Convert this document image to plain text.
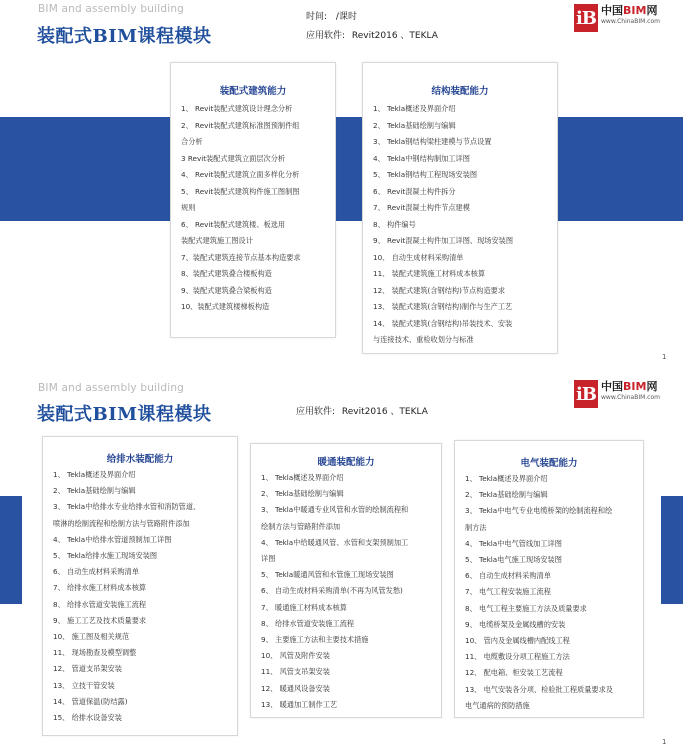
BIM and assembly building
装配式BIM课程模块
时间: /课时
应用软件: Revit2016 、TEKLA
iB 中国BIM网
www.ChinaBIM.com
装配式建筑能力
1、 Revit装配式建筑设计理念分析
2、 Revit装配式建筑标准图预制件组
合分析
3 Revit装配式建筑立面层次分析
4、 Revit装配式建筑立面多样化分析
5、 Revit装配式建筑构件施工图制图
规则
6、 Revit装配式建筑楼、板选用
装配式建筑施工图设计
7、装配式建筑连接节点基本构造要求
8、装配式建筑叠合楼板构造
9、装配式建筑叠合梁板构造
10、装配式建筑楼梯板构造
结构装配能力
1、 Tekla概述及界面介绍
2、 Tekla基础绘制与编辑
3、 Tekla钢结构梁柱建模与节点设置
4、 Tekla中钢结构制加工详图
5、 Tekla钢结构工程现场安装图
6、 Revit混凝土构件拆分
7、 Revit混凝土构件节点建模
8、 构件编号
9、 Revit混凝土构件加工详图、现场安装图
10、 自动生成材料采购清单
11、 装配式建筑施工材料成本核算
12、 装配式建筑(含钢结构)节点构造要求
13、 装配式建筑(含钢结构)制作与生产工艺
14、 装配式建筑(含钢结构)吊装技术、安装
与连接技术、重检收划分与标准
1
BIM and assembly building
装配式BIM课程模块	应用软件: Revit2016 、TEKLA
iB 中国BIM网
www.ChinaBIM.com
给排水装配能力
1、 Tekla概述及界面介绍
2、 Tekla基础绘制与编辑
3、 Tekla中给排水专业给排水管和消防管道、
喷淋的绘制流程和绘制方法与管路附件添加
4、 Tekla中给排水管道预制加工详图
5、 Tekla给排水施工现场安装图
6、 自动生成材料采购清单
7、 给排水施工材料成本核算
8、 给排水管道安装施工流程
9、 施工工艺及技术质量要求
10、 施工图及相关规范
11、 现场勘查及模型调整
12、 管道支吊架安装
13、 立技干管安装
14、 管道保温(防结露)
15、 给排水设备安装
暖通装配能力
1、 Tekla概述及界面介绍
2、 Tekla基础绘制与编辑
3、 Tekla中暖通专业风管和水管的绘制流程和
绘制方法与管路附件添加
4、 Tekla中给暖通风管、水管和支架预制加工
详图
5、 Tekla暖通风管和水管施工现场安装图
6、 自动生成材料采购清单(不再为风管发愁)
7、 暖通施工材料成本核算
8、 给排水管道安装施工流程
9、 主要施工方法和主要技术措施
10、 风管及附件安装
11、 风管支吊架安装
12、 暖通风设备安装
13、 暖通加工制作工艺
电气装配能力
1、 Tekla概述及界面介绍
2、 Tekla基础绘制与编辑
3、 Tekla中电气专业电缆桥架的绘制流程和绘
制方法
4、 Tekla中电气管线加工详图
5、 Tekla电气施工现场安装图
6、 自动生成材料采购清单
7、 电气工程安装施工流程
8、 电气工程主要施工方法及质量要求
9、 电缆桥架及金属线槽的安装
10、 管内及金属线槽内配线工程
11、 电缆敷设分项工程施工方法
12、 配电箱、柜安装工艺流程
13、 电气安装各分项、检验批工程质量要求及
电气通病的预防措施
1
